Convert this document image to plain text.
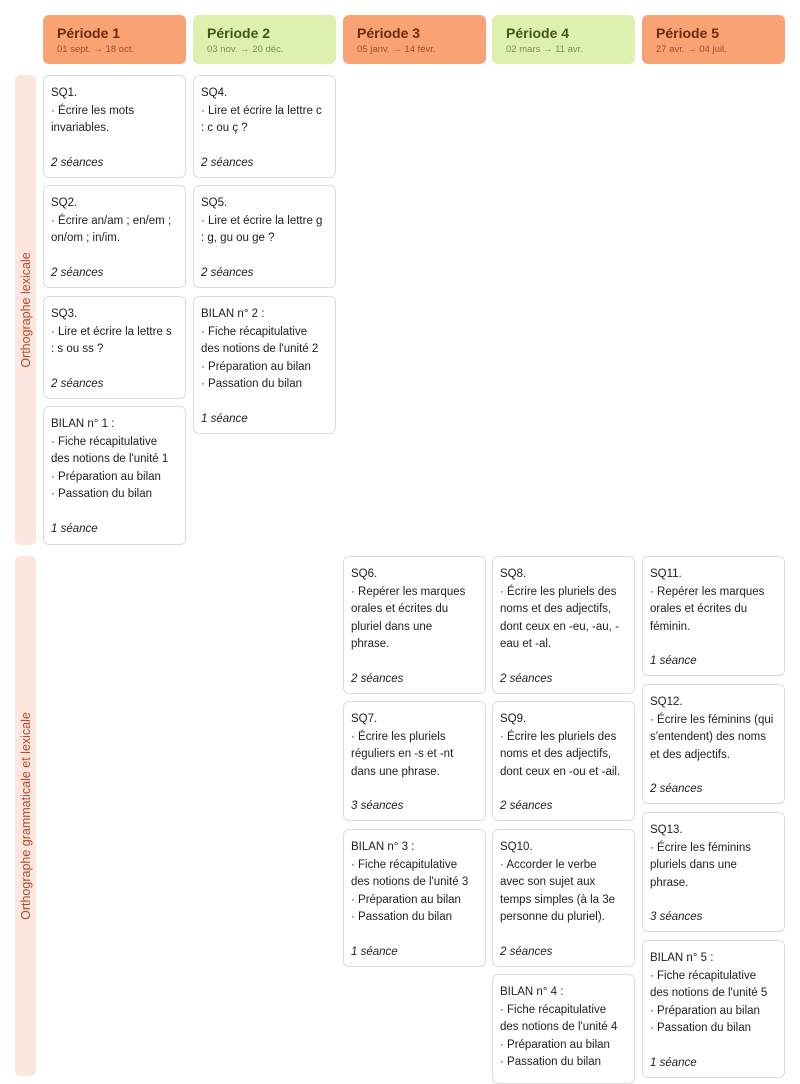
Période 1
01 sept. → 18 oct.
Période 2
03 nov. → 20 déc.
Période 3
05 janv. → 14 févr.
Période 4
02 mars → 11 avr.
Période 5
27 avr. → 04 juil.
Orthographe lexicale
Orthographe grammaticale et lexicale
SQ1.
· Écrire les mots
invariables.
2 séances
SQ2.
· Écrire an/am ; en/em ;
on/om ; in/im.
2 séances
SQ3.
· Lire et écrire la lettre s
: s ou ss ?
2 séances
BILAN n° 1 :
· Fiche récapitulative
des notions de l'unité 1
· Préparation au bilan
· Passation du bilan
1 séance
SQ4.
· Lire et écrire la lettre c
: c ou ç ?
2 séances
SQ5.
· Lire et écrire la lettre g
: g, gu ou ge ?
2 séances
BILAN n° 2 :
· Fiche récapitulative
des notions de l'unité 2
· Préparation au bilan
· Passation du bilan
1 séance
SQ6.
· Repérer les marques
orales et écrites du
pluriel dans une
phrase.
2 séances
SQ7.
· Écrire les pluriels
réguliers en -s et -nt
dans une phrase.
3 séances
BILAN n° 3 :
· Fiche récapitulative
des notions de l'unité 3
· Préparation au bilan
· Passation du bilan
1 séance
SQ8.
· Écrire les pluriels des
noms et des adjectifs,
dont ceux en -eu, -au, -
eau et -al.
2 séances
SQ9.
· Écrire les pluriels des
noms et des adjectifs,
dont ceux en -ou et -ail.
2 séances
SQ10.
· Accorder le verbe
avec son sujet aux
temps simples (à la 3e
personne du pluriel).
2 séances
BILAN n° 4 :
· Fiche récapitulative
des notions de l'unité 4
· Préparation au bilan
· Passation du bilan
SQ11.
· Repérer les marques
orales et écrites du
féminin.
1 séance
SQ12.
· Écrire les féminins (qui
s'entendent) des noms
et des adjectifs.
2 séances
SQ13.
· Écrire les féminins
pluriels dans une
phrase.
3 séances
BILAN n° 5 :
· Fiche récapitulative
des notions de l'unité 5
· Préparation au bilan
· Passation du bilan
1 séance
